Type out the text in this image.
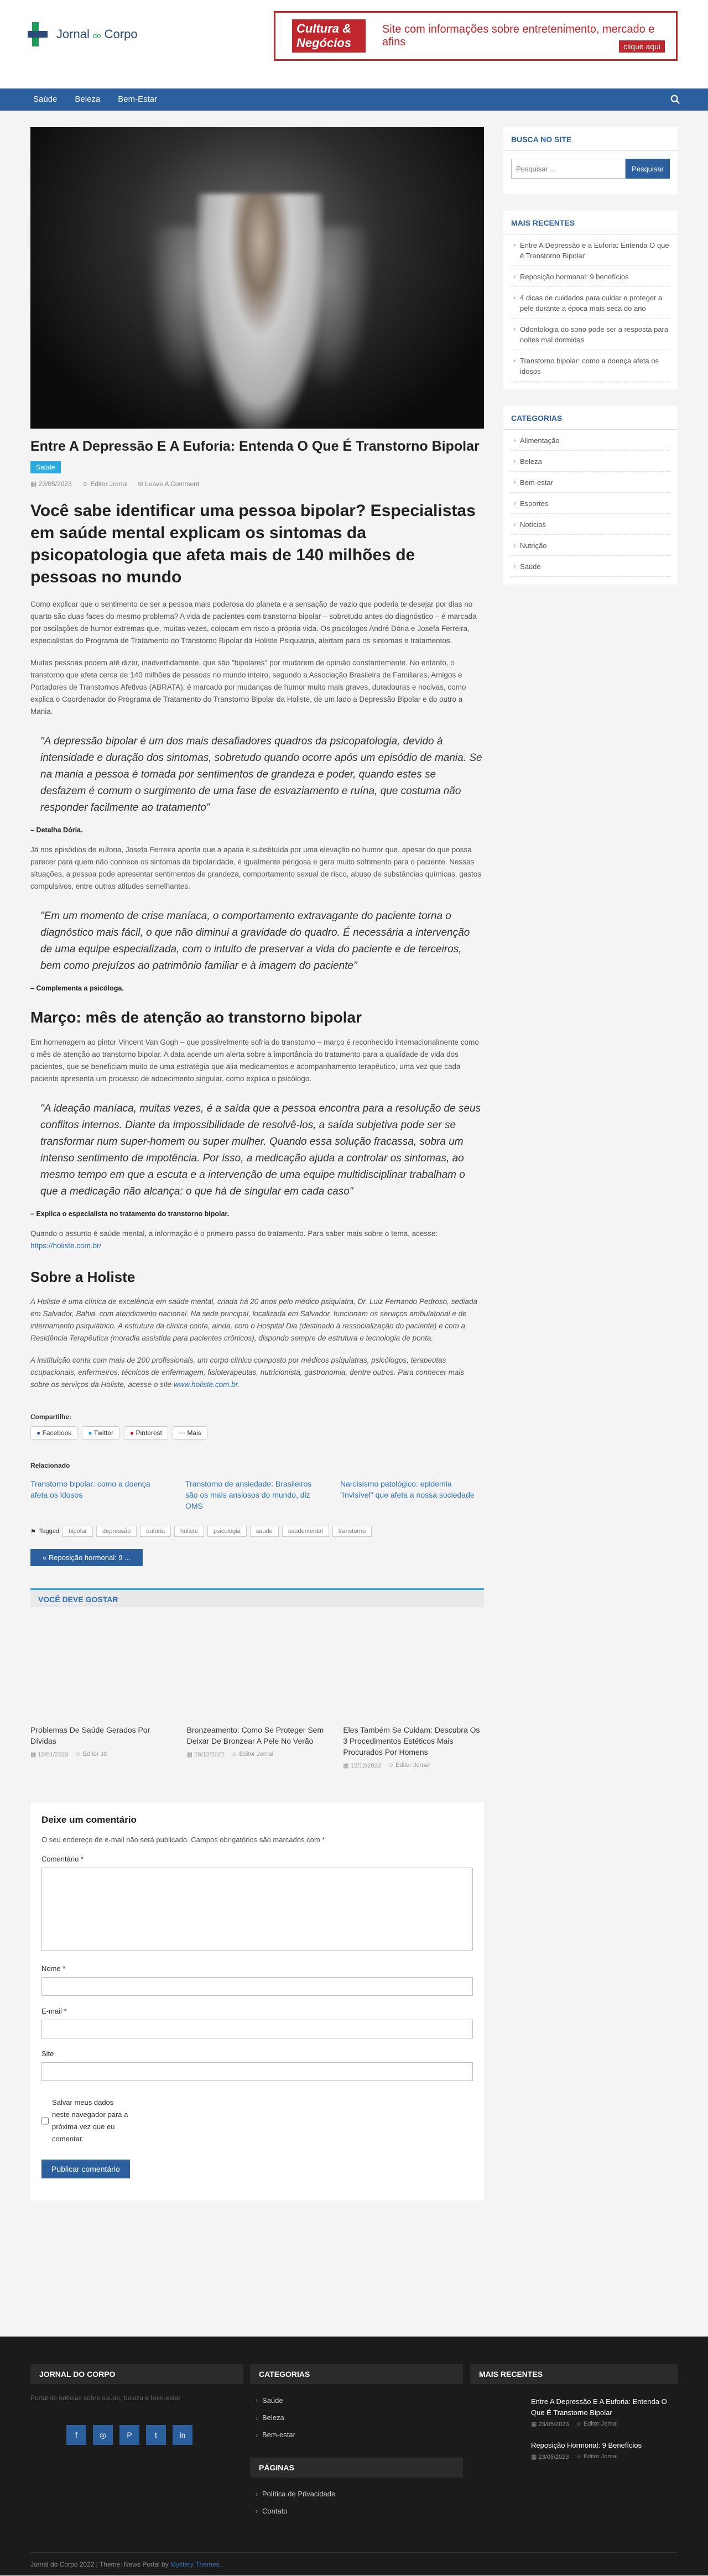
Jornal do Corpo	Cultura &
Negócios
Site com informações sobre entretenimento, mercado e afins	clique aqui
Saúde Beleza Bem-Estar
Entre A Depressão E A Euforia: Entenda O Que É Transtorno Bipolar
Saúde
▦ 23/05/2023 ☺ Editor Jornal ✉ Leave A Comment
Você sabe identificar uma pessoa bipolar? Especialistas em saúde mental explicam os sintomas da psicopatologia que afeta mais de 140 milhões de pessoas no mundo

Como explicar que o sentimento de ser a pessoa mais poderosa do planeta e a sensação de vazio que poderia te desejar por dias no quarto são duas faces do mesmo problema? A vida de pacientes com transtorno bipolar – sobretudo antes do diagnóstico – é marcada por oscilações de humor extremas que, muitas vezes, colocam em risco a própria vida. Os psicólogos André Dória e Josefa Ferreira, especialistas do Programa de Tratamento do Transtorno Bipolar da Holiste Psiquiatria, alertam para os sintomas e tratamentos.

Muitas pessoas podem até dizer, inadvertidamente, que são "bipolares" por mudarem de opinião constantemente. No entanto, o transtorno que afeta cerca de 140 milhões de pessoas no mundo inteiro, segundo a Associação Brasileira de Familiares, Amigos e Portadores de Transtornos Afetivos (ABRATA), é marcado por mudanças de humor muito mais graves, duradouras e nocivas, como explica o Coordenador do Programa de Tratamento do Transtorno Bipolar da Holiste, de um lado a Depressão Bipolar e do outro a Mania.

"A depressão bipolar é um dos mais desafiadores quadros da psicopatologia, devido à intensidade e duração dos sintomas, sobretudo quando ocorre após um episódio de mania. Se na mania a pessoa é tomada por sentimentos de grandeza e poder, quando estes se desfazem é comum o surgimento de uma fase de esvaziamento e ruína, que costuma não responder facilmente ao tratamento"

– Detalha Dória.

Já nos episódios de euforia, Josefa Ferreira aponta que a apatia é substituída por uma elevação no humor que, apesar do que possa parecer para quem não conhece os sintomas da bipolaridade, é igualmente perigosa e gera muito sofrimento para o paciente. Nessas situações, a pessoa pode apresentar sentimentos de grandeza, comportamento sexual de risco, abuso de substâncias químicas, gastos compulsivos, entre outras atitudes semelhantes.

"Em um momento de crise maníaca, o comportamento extravagante do paciente torna o diagnóstico mais fácil, o que não diminui a gravidade do quadro. É necessária a intervenção de uma equipe especializada, com o intuito de preservar a vida do paciente e de terceiros, bem como prejuízos ao patrimônio familiar e à imagem do paciente"

– Complementa a psicóloga.

Março: mês de atenção ao transtorno bipolar

Em homenagem ao pintor Vincent Van Gogh – que possivelmente sofria do transtorno – março é reconhecido internacionalmente como o mês de atenção ao transtorno bipolar. A data acende um alerta sobre a importância do tratamento para a qualidade de vida dos pacientes, que se beneficiam muito de uma estratégia que alia medicamentos e acompanhamento terapêutico, uma vez que cada paciente apresenta um processo de adoecimento singular, como explica o psicólogo.

"A ideação maníaca, muitas vezes, é a saída que a pessoa encontra para a resolução de seus conflitos internos. Diante da impossibilidade de resolvê-los, a saída subjetiva pode ser se transformar num super-homem ou super mulher. Quando essa solução fracassa, sobra um intenso sentimento de impotência. Por isso, a medicação ajuda a controlar os sintomas, ao mesmo tempo em que a escuta e a intervenção de uma equipe multidisciplinar trabalham o que a medicação não alcança: o que há de singular em cada caso"

– Explica o especialista no tratamento do transtorno bipolar.

Quando o assunto é saúde mental, a informação é o primeiro passo do tratamento. Para saber mais sobre o tema, acesse: https://holiste.com.br/

Sobre a Holiste

A Holiste é uma clínica de excelência em saúde mental, criada há 20 anos pelo médico psiquiatra, Dr. Luiz Fernando Pedroso, sediada em Salvador, Bahia, com atendimento nacional. Na sede principal, localizada em Salvador, funcionam os serviços ambulatorial e de internamento psiquiátrico. A estrutura da clínica conta, ainda, com o Hospital Dia (destinado à ressocialização do paciente) e com a Residência Terapêutica (moradia assistida para pacientes crônicos), dispondo sempre de estrutura e tecnologia de ponta.

A instituição conta com mais de 200 profissionais, um corpo clínico composto por médicos psiquiatras, psicólogos, terapeutas ocupacionais, enfermeiros, técnicos de enfermagem, fisioterapeutas, nutricionista, gastronomia, dentre outros. Para conhecer mais sobre os serviços da Holiste, acesse o site www.holiste.com.br.

Compartilhe:
● Facebook	● Twitter	● Pinterest	⋯ Mais
Relacionado
Transtorno bipolar: como a doença afeta os idosos
Transtorno de ansiedade: Brasileiros são os mais ansiosos do mundo, diz OMS
Narcisismo patológico: epidemia "invisível" que afeta a nossa sociedade
⚑ Tagged	bipolar	depressão	euforia	holiste	psicologia	saude	saudemental	transtorno
« Reposição hormonal: 9 ...
VOCÊ DEVE GOSTAR
Problemas De Saúde Gerados Por Dívidas
▦ 13/01/2023 ☺ Editor JC
Bronzeamento: Como Se Proteger Sem Deixar De Bronzear A Pele No Verão
▦ 28/12/2022 ☺ Editor Jornal
Eles Também Se Cuidam: Descubra Os 3 Procedimentos Estéticos Mais Procurados Por Homens
▦ 12/12/2022 ☺ Editor Jornal
Deixe um comentário

O seu endereço de e-mail não será publicado. Campos obrigatórios são marcados com *

Comentário *
Nome *
E-mail *
Site
Salvar meus dados neste navegador para a próxima vez que eu comentar.
Publicar comentário
BUSCA NO SITE
Pesquisar ...
Pesquisar
MAIS RECENTES
› Entre A Depressão e a Euforia: Entenda O que é Transtorno Bipolar
› Reposição hormonal: 9 benefícios
› 4 dicas de cuidados para cuidar e proteger a pele durante a época mais seca do ano
› Odontologia do sono pode ser a resposta para noites mal dormidas
› Transtorno bipolar: como a doença afeta os idosos
CATEGORIAS
› Alimentação
› Beleza
› Bem-estar
› Esportes
› Notícias
› Nutrição
› Saúde
JORNAL DO CORPO

Portal de notícias sobre saúde, beleza e bem-estar

f	◎	P	t	in
CATEGORIAS
› Saúde
› Beleza
› Bem-estar
PÁGINAS
› Política de Privacidade
› Contato
MAIS RECENTES
Entre A Depressão E A Euforia: Entenda O Que É Transtorno Bipolar
▦ 23/05/2023 ☺ Editor Jornal
Reposição Hormonal: 9 Benefícios
▦ 23/05/2023 ☺ Editor Jornal
Jornal do Corpo 2022 | Theme: News Portal by Mystery Themes.
